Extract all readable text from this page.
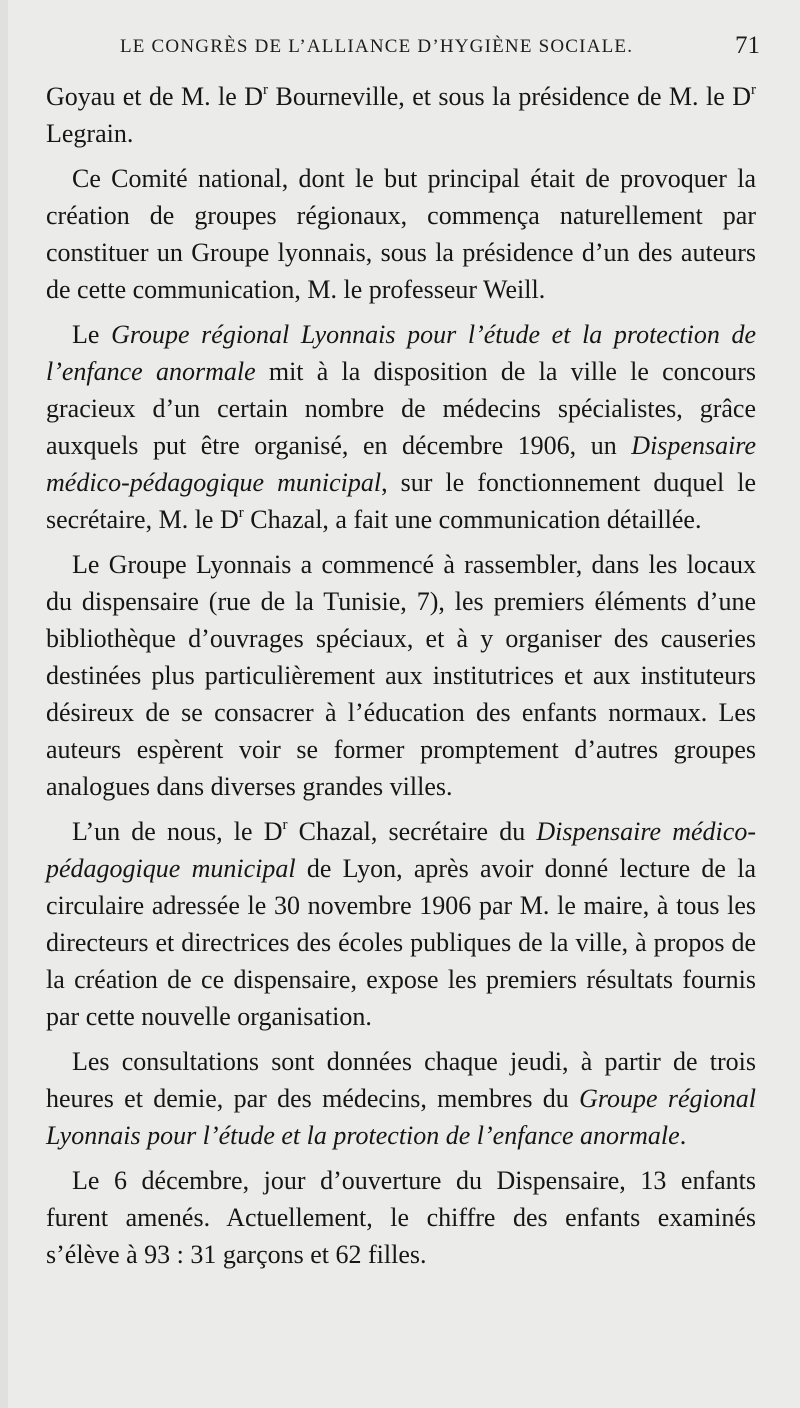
LE CONGRÈS DE L’ALLIANCE D’HYGIÈNE SOCIALE.	71

Goyau et de M. le $D^r$ Bourneville, et sous la présidence de M. le $D^r$ Legrain.

Ce Comité national, dont le but principal était de provoquer la création de groupes régionaux, commença naturellement par constituer un Groupe lyonnais, sous la présidence d’un des auteurs de cette communication, M. le professeur Weill.

Le Groupe régional Lyonnais pour l’étude et la protection de l’enfance anormale mit à la disposition de la ville le concours gracieux d’un certain nombre de médecins spécialistes, grâce auxquels put être organisé, en décembre 1906, un Dispensaire médico-pédagogique municipal, sur le fonctionnement duquel le secrétaire, M. le $D^r$ Chazal, a fait une communication détaillée.

Le Groupe Lyonnais a commencé à rassembler, dans les locaux du dispensaire (rue de la Tunisie, 7), les premiers éléments d’une bibliothèque d’ouvrages spéciaux, et à y organiser des causeries destinées plus particulièrement aux institutrices et aux instituteurs désireux de se consacrer à l’éducation des enfants normaux. Les auteurs espèrent voir se former promptement d’autres groupes analogues dans diverses grandes villes.

L’un de nous, le $D^r$ Chazal, secrétaire du Dispensaire médico-pédagogique municipal de Lyon, après avoir donné lecture de la circulaire adressée le 30 novembre 1906 par M. le maire, à tous les directeurs et directrices des écoles publiques de la ville, à propos de la création de ce dispensaire, expose les premiers résultats fournis par cette nouvelle organisation.

Les consultations sont données chaque jeudi, à partir de trois heures et demie, par des médecins, membres du Groupe régional Lyonnais pour l’étude et la protection de l’enfance anormale.

Le 6 décembre, jour d’ouverture du Dispensaire, 13 enfants furent amenés. Actuellement, le chiffre des enfants examinés s’élève à 93 : 31 garçons et 62 filles.
